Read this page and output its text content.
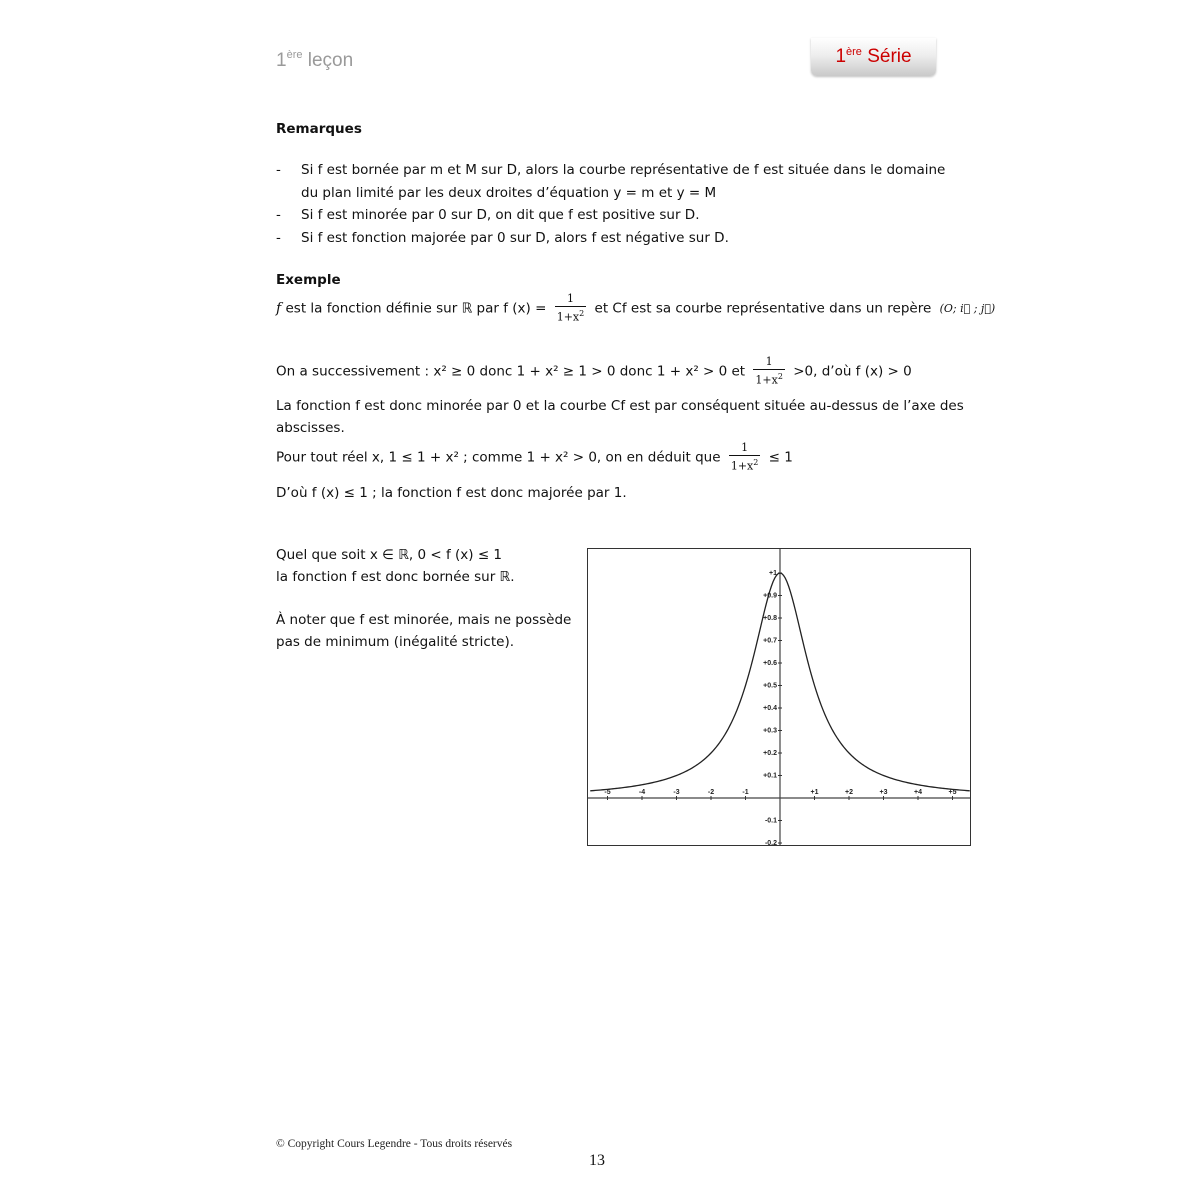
1ère leçon	1ère Série
Remarques
- Si f est bornée par m et M sur D, alors la courbe représentative de f est située dans le domaine
du plan limité par les deux droites d’équation y = m et y = M
- Si f est minorée par 0 sur D, on dit que f est positive sur D.
- Si f est fonction majorée par 0 sur D, alors f est négative sur D.
Exemple
f est la fonction définie sur ℝ par f $(x) = \frac{1}{1+x^2}$ et Cf est sa courbe représentative dans un repère (O; i⃗ ; j⃗)
On a successivement : x² ≥ 0 donc 1 + x² ≥ 1 > 0 donc 1 + x² > 0 et $\frac{1}{1+x^2} >0$, d’où f (x) > 0
La fonction f est donc minorée par 0 et la courbe Cf est par conséquent située au-dessus de l’axe des
abscisses.
Pour tout réel x, 1 ≤ 1 + x² ; comme 1 + x² > 0, on en déduit que $\frac{1}{1+x^2} \le 1$
D’où f (x) ≤ 1 ; la fonction f est donc majorée par 1.
Quel que soit x ∈ ℝ, 0 < f (x) ≤ 1
la fonction f est donc bornée sur ℝ.
À noter que f est minorée, mais ne possède
pas de minimum (inégalité stricte).
-5	-4	-3	-2	-1	+1	+2	+3	+4	+5
+1
+0.9
+0.8
+0.7
+0.6
+0.5
+0.4
+0.3
+0.2
+0.1
-0.1
-0.2
© Copyright Cours Legendre - Tous droits réservés
13
